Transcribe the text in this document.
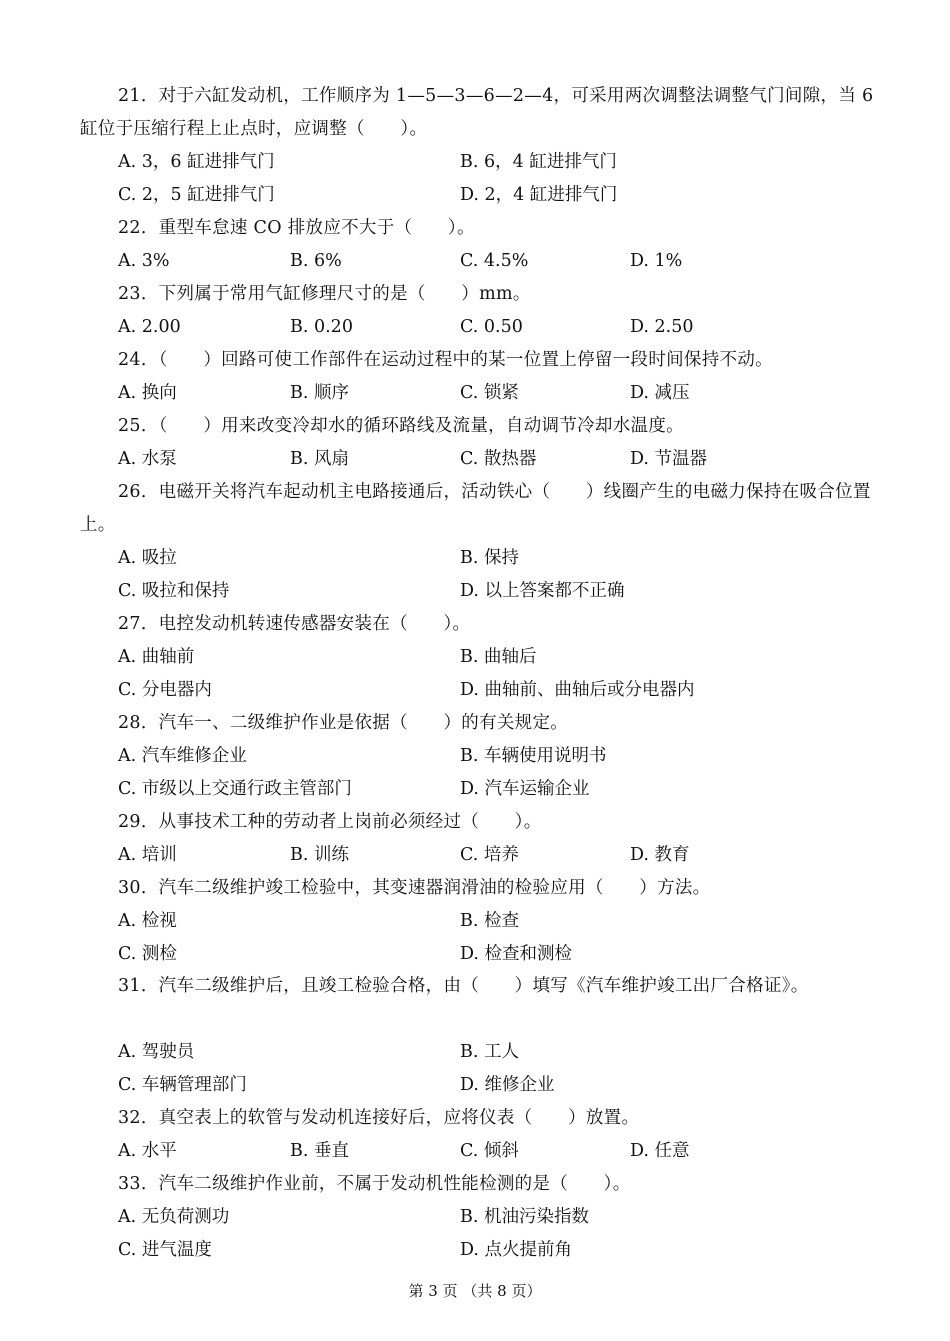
21．对于六缸发动机，工作顺序为 1—5—3—6—2—4，可采用两次调整法调整气门间隙，当 6 缸位于压缩行程上止点时，应调整（　　）。
A. 3，6 缸进排气门	B. 6，4 缸进排气门
C. 2，5 缸进排气门	D. 2，4 缸进排气门
22．重型车怠速 CO 排放应不大于（　　）。
A. 3%	B. 6%	C. 4.5%	D. 1%
23．下列属于常用气缸修理尺寸的是（　　）mm。
A. 2.00	B. 0.20	C. 0.50	D. 2.50
24．（　　）回路可使工作部件在运动过程中的某一位置上停留一段时间保持不动。
A. 换向	B. 顺序	C. 锁紧	D. 减压
25．（　　）用来改变冷却水的循环路线及流量，自动调节冷却水温度。
A. 水泵	B. 风扇	C. 散热器	D. 节温器
26．电磁开关将汽车起动机主电路接通后，活动铁心（　　）线圈产生的电磁力保持在吸合位置上。
A. 吸拉	B. 保持
C. 吸拉和保持	D. 以上答案都不正确
27．电控发动机转速传感器安装在（　　）。
A. 曲轴前	B. 曲轴后
C. 分电器内	D. 曲轴前、曲轴后或分电器内
28．汽车一、二级维护作业是依据（　　）的有关规定。
A. 汽车维修企业	B. 车辆使用说明书
C. 市级以上交通行政主管部门	D. 汽车运输企业
29．从事技术工种的劳动者上岗前必须经过（　　）。
A. 培训	B. 训练	C. 培养	D. 教育
30．汽车二级维护竣工检验中，其变速器润滑油的检验应用（　　）方法。
A. 检视	B. 检查
C. 测检	D. 检查和测检
31．汽车二级维护后，且竣工检验合格，由（　　）填写《汽车维护竣工出厂合格证》。
A. 驾驶员	B. 工人
C. 车辆管理部门	D. 维修企业
32．真空表上的软管与发动机连接好后，应将仪表（　　）放置。
A. 水平	B. 垂直	C. 倾斜	D. 任意
33．汽车二级维护作业前，不属于发动机性能检测的是（　　）。
A. 无负荷测功	B. 机油污染指数
C. 进气温度	D. 点火提前角
第 3 页 （共 8 页）
